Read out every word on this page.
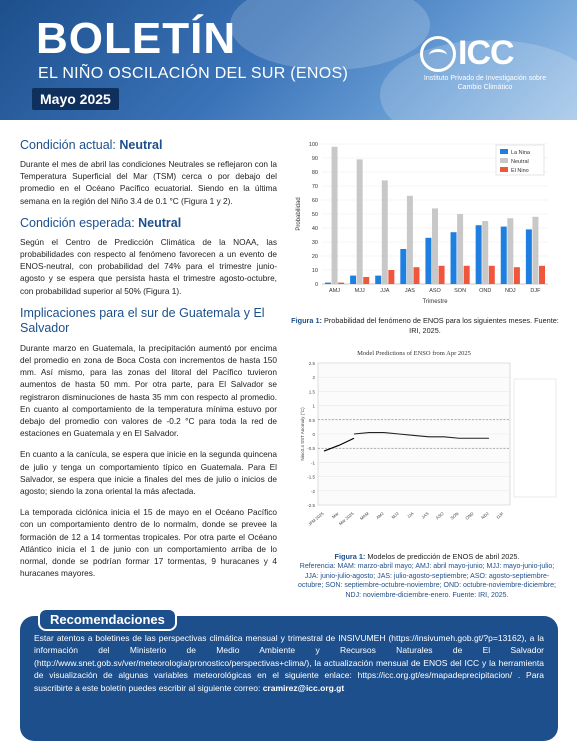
BOLETÍN
EL NIÑO OSCILACIÓN DEL SUR (ENOS)
Mayo 2025
ICC
Instituto Privado de Investigación sobre Cambio Climático
Condición actual: Neutral

Durante el mes de abril las condiciones Neutrales se reflejaron con la Temperatura Superficial del Mar (TSM) cerca o por debajo del promedio en el Océano Pacífico ecuatorial. Siendo en la última semana en la región del Niño 3.4 de 0.1 °C (Figura 1 y 2).

Condición esperada: Neutral

Según el Centro de Predicción Climática de la NOAA, las probabilidades con respecto al fenómeno favorecen a un evento de ENOS-neutral, con probabilidad del 74% para el trimestre junio-agosto y se espera que persista hasta el trimestre agosto-octubre, con probabilidad superior al 50% (Figura 1).

Implicaciones para el sur de Guatemala y El Salvador

Durante marzo en Guatemala, la precipitación aumentó por encima del promedio en zona de Boca Costa con incrementos de hasta 150 mm. Así mismo, para las zonas del litoral del Pacífico tuvieron aumentos de hasta 50 mm. Por otra parte, para El Salvador se registraron disminuciones de hasta 35 mm con respecto al promedio. En cuanto al comportamiento de la temperatura mínima estuvo por debajo del promedio con valores de -0.2 °C para toda la red de estaciones en Guatemala y en El Salvador.

En cuanto a la canícula, se espera que inicie en la segunda quincena de julio y tenga un comportamiento típico en Guatemala. Para El Salvador, se espera que inicie a finales del mes de julio o inicios de agosto; siendo la zona oriental la más afectada.

La temporada ciclónica inicia el 15 de mayo en el Océano Pacífico con un comportamiento dentro de lo normalm, donde se prevee la formación de 12 a 14 tormentas tropicales. Por otra parte el Océano Atlántico inicia el 1 de junio con un comportamiento arriba de lo normal, donde se podrían formar 17 tormentas, 9 huracanes y 4 huracanes mayores.

0
10
20
30
40
50
60
70
80
90
100
AMJ	MJJ	JJA	JAS	ASO SON OND NDJ	DJF
Trimestre
Probabilidad
La Nina
Neutral
El Nino
Figura 1: Probabilidad del fenómeno de ENOS para los siguientes meses. Fuente: IRI, 2025.
Model Predictions of ENSO from Apr 2025
2.5
2
1.5
1
0.5
0
-0.5
-1
-1.5
-2
-2.5
JFM 2025 Mar
Mar 2025 MAM AMJ MJJ JJA JAS ASO SON OND NDJ DJF
Nino3.4 SST Anomaly (°C)
Figura 1: Modelos de predicción de ENOS de abril 2025.
Referencia: MAM: marzo-abril mayo; AMJ: abril mayo-junio; MJJ: mayo-junio-julio; JJA: junio-julio-agosto; JAS: julio-agosto-septiembre; ASO: agosto-septiembre-octubre; SON: septiembre-octubre-noviembre; OND: octubre-noviembre-diciembre; NDJ: noviembre-diciembre-enero. Fuente: IRI, 2025.
Recomendaciones

Estar atentos a boletines de las perspectivas climática mensual y trimestral de INSIVUMEH (https://insivumeh.gob.gt/?p=13162), a la información del Ministerio de Medio Ambiente y Recursos Naturales de El Salvador (http://www.snet.gob.sv/ver/meteorologia/pronostico/perspectivas+clima/), la actualización mensual de ENOS del ICC y la herramienta de visualización de algunas variables meteorológicas en el siguiente enlace: https://icc.org.gt/es/mapadeprecipitacion/ . Para suscribirte a este boletín puedes escribir al siguiente correo: cramirez@icc.org.gt
